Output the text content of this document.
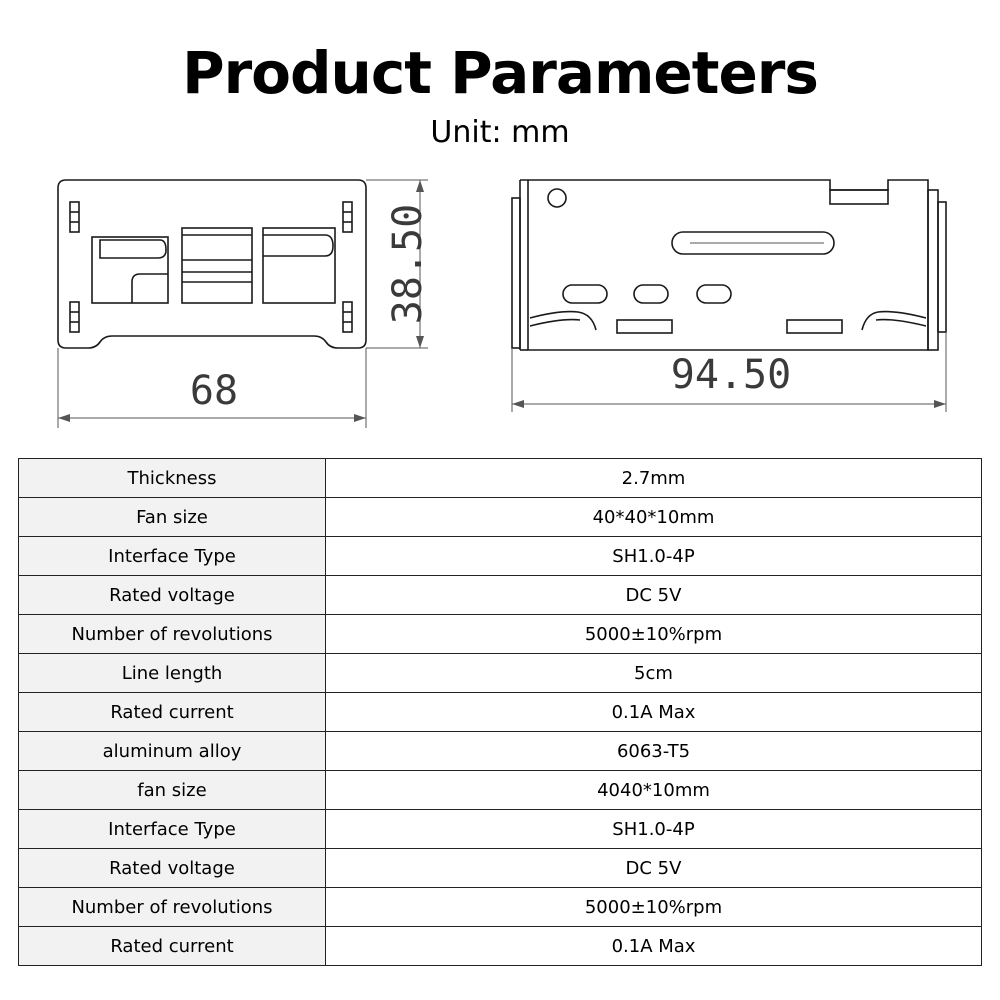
Product Parameters
Unit: mm
38.50
68	94.50
Thickness	2.7mm
Fan size	40*40*10mm
Interface Type	SH1.0-4P
Rated voltage	DC 5V
Number of revolutions	5000±10%rpm
Line length	5cm
Rated current	0.1A Max
aluminum alloy	6063-T5
fan size	4040*10mm
Interface Type	SH1.0-4P
Rated voltage	DC 5V
Number of revolutions	5000±10%rpm
Rated current	0.1A Max
